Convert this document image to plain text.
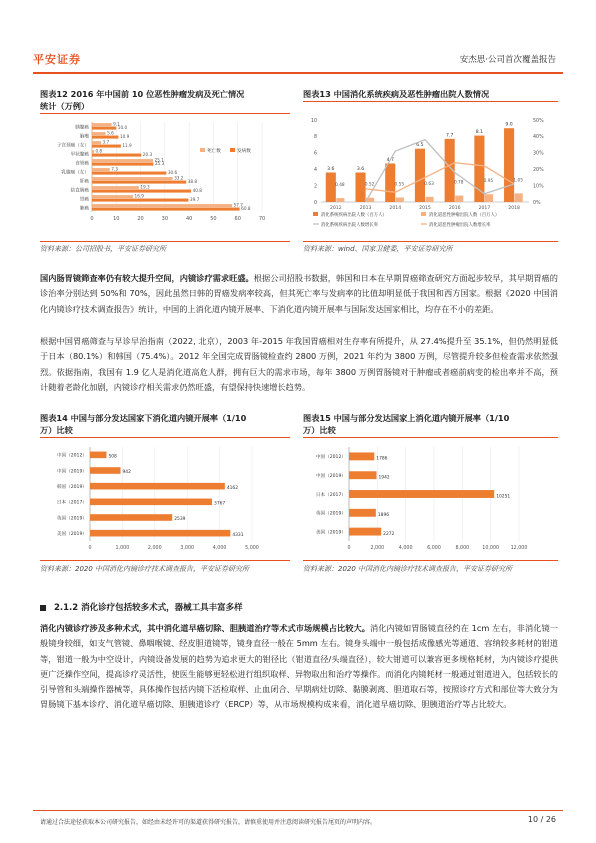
平安证券	安杰思·公司首次覆盖报告
图表12 2016 年中国前 10 位恶性肿瘤发病及死亡情况
统计（万例）
图表13 中国消化系统疾病及恶性肿瘤出院人数情况
0	10	20	30	40	50	60	70
胰腺癌
9.1
10.0
脑瘤
5.6
10.9
子宫颈癌（女）
3.7
11.9
甲状腺癌
0.8
20.3
食管癌
25.1
25.3
乳腺癌（女）
7.3
30.6
肝癌
33.2
38.8
结直肠癌
19.3
40.8
胃癌
16.9
39.7
肺癌
57.7
60.8
死亡数	发病数
0
2
4
6
8
10
0%
10%
20%
30%
40%
50%
3.6
0.48
2012
3.6
0.52
2013
4.7
0.55
2014
6.5
0.63
2015
7.7
0.78
2016
8.1
0.95
2017
9.0
1.05
2018
消化系统疾病出院人数（百万人）	消化道恶性肿瘤出院人数（百万人）
消化系统疾病出院人数增长率	消化道恶性肿瘤出院人数增长率
资料来源：公司招股书，平安证券研究所	资料来源：wind、国家卫健委，平安证券研究所
国内肠胃镜筛查率仍有较大提升空间，内镜诊疗需求旺盛。根据公司招股书数据，韩国和日本在早期胃癌筛查研究方面起步较早，其早期胃癌的诊治率分别达到 50%和 70%，因此虽然日韩的胃癌发病率较高，但其死亡率与发病率的比值却明显低于我国和西方国家。根据《2020 中国消化内镜诊疗技术调查报告》统计，中国的上消化道内镜开展率、下消化道内镜开展率与国际发达国家相比，均存在不小的差距。
根据中国胃癌筛查与早诊早治指南（2022, 北京），2003 年-2015 年我国胃癌相对生存率有所提升，从 27.4%提升至 35.1%，但仍然明显低于日本（80.1%）和韩国（75.4%）。2012 年全国完成胃肠镜检查约 2800 万例，2021 年约为 3800 万例，尽管提升较多但检查需求依然强烈。依据指南，我国有 1.9 亿人是消化道高危人群，拥有巨大的需求市场，每年 3800 万例胃肠镜对于肿瘤或者癌前病变的检出率并不高，预计随着老龄化加剧，内镜诊疗相关需求仍然旺盛，有望保持快速增长趋势。
图表14 中国与部分发达国家下消化道内镜开展率（1/10
万）比较
图表15 中国与部分发达国家上消化道内镜开展率（1/10
万）比较
0	1,000	2,000	3,000	4,000	5,000
中国（2012）	508
中国（2019）	942
韩国（2019）	4162
日本（2017）	3767
英国（2019）	2539
美国（2019）	4331
0	2,000	4,000	6,000	8,000	10,000 12,000
中国（2012）	1786
中国（2019）	1942
日本（2017）	10251
英国（2019）	1896
美国（2019）	2272
资料来源：2020 中国消化内镜诊疗技术调查报告，平安证券研究所	资料来源：2020 中国消化内镜诊疗技术调查报告，平安证券研究所
2.1.2 消化诊疗包括较多术式，器械工具丰富多样
消化内镜诊疗涉及多种术式，其中消化道早癌切除、胆胰道治疗等术式市场规模占比较大。消化内镜如胃肠镜直径约在 1cm 左右，非消化镜一般镜身较细，如支气管镜、鼻咽喉镜、经皮胆道镜等，镜身直径一般在 5mm 左右。镜身头端中一般包括成像感光等通道、容纳较多耗材的钳道等，钳道一般为中空设计，内镜设备发展的趋势为追求更大的钳径比（钳道直径/头端直径），较大钳道可以兼容更多规格耗材，为内镜诊疗提供更广泛操作空间，提高诊疗灵活性，使医生能够更轻松进行组织取样、异物取出和治疗等操作。而消化内镜耗材一般通过钳道进入，包括较长的引导管和头端操作器械等，具体操作包括内镜下活检取样、止血闭合、早期病灶切除、黏膜剥离、胆道取石等，按照诊疗方式和部位等大致分为胃肠镜下基本诊疗、消化道早癌切除、胆胰道诊疗（ERCP）等，从市场规模构成来看，消化道早癌切除、胆胰道治疗等占比较大。
请通过合法途径获取本公司研究报告，如经由未经许可的渠道获得研究报告，请慎重使用并注意阅读研究报告尾页的声明内容。	10 / 26
